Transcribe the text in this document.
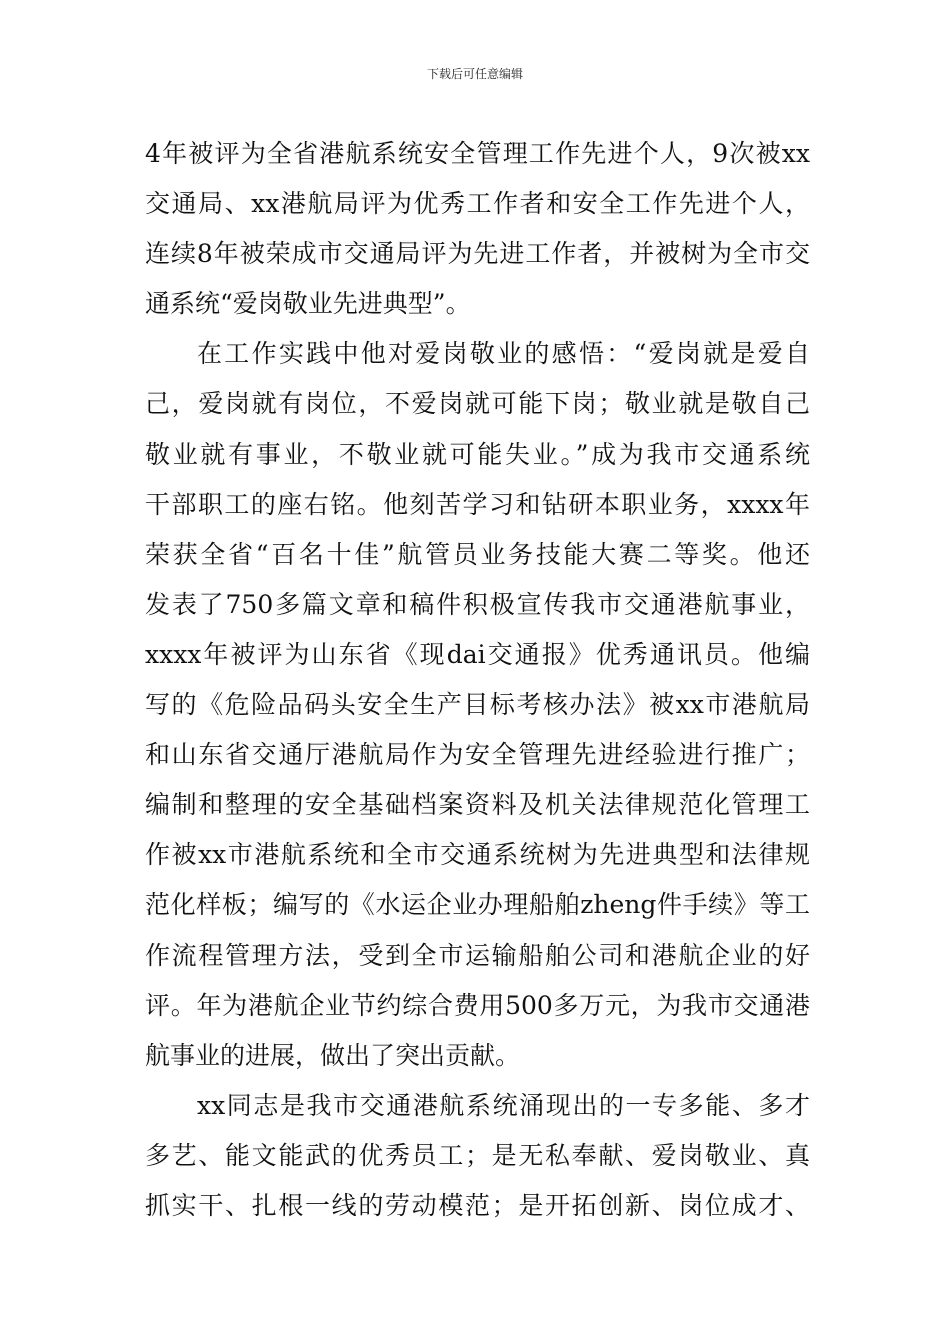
下载后可任意编辑
4年被评为全省港航系统安全管理工作先进个人，9次被xx
交通局、xx港航局评为优秀工作者和安全工作先进个人，
连续8年被荣成市交通局评为先进工作者，并被树为全市交
通系统“爱岗敬业先进典型”。
在工作实践中他对爱岗敬业的感悟：“爱岗就是爱自
己，爱岗就有岗位，不爱岗就可能下岗；敬业就是敬自己
敬业就有事业，不敬业就可能失业。”成为我市交通系统
干部职工的座右铭。他刻苦学习和钻研本职业务，xxxx年
荣获全省“百名十佳”航管员业务技能大赛二等奖。他还
发表了750多篇文章和稿件积极宣传我市交通港航事业，
xxxx年被评为山东省《现dai交通报》优秀通讯员。他编
写的《危险品码头安全生产目标考核办法》被xx市港航局
和山东省交通厅港航局作为安全管理先进经验进行推广；
编制和整理的安全基础档案资料及机关法律规范化管理工
作被xx市港航系统和全市交通系统树为先进典型和法律规
范化样板；编写的《水运企业办理船舶zheng件手续》等工
作流程管理方法，受到全市运输船舶公司和港航企业的好
评。年为港航企业节约综合费用500多万元，为我市交通港
航事业的进展，做出了突出贡献。
xx同志是我市交通港航系统涌现出的一专多能、多才
多艺、能文能武的优秀员工；是无私奉献、爱岗敬业、真
抓实干、扎根一线的劳动模范；是开拓创新、岗位成才、
